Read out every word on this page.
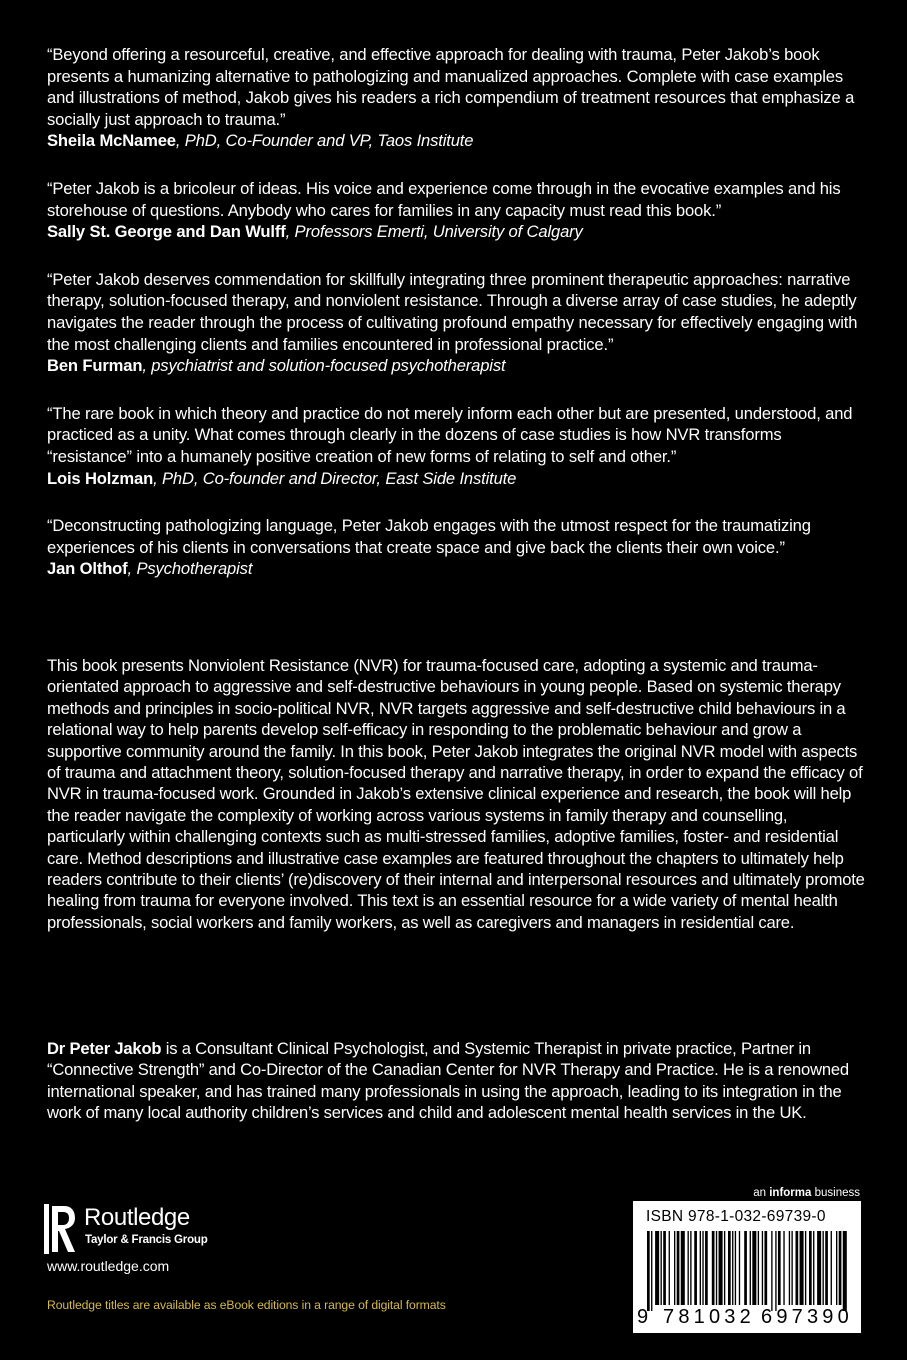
“Beyond offering a resourceful, creative, and effective approach for dealing with trauma, Peter Jakob’s book presents a humanizing alternative to pathologizing and manualized approaches. Complete with case examples and illustrations of method, Jakob gives his readers a rich compendium of treatment resources that emphasize a socially just approach to trauma.”
Sheila McNamee, PhD, Co-Founder and VP, Taos Institute
“Peter Jakob is a bricoleur of ideas. His voice and experience come through in the evocative examples and his storehouse of questions. Anybody who cares for families in any capacity must read this book.”
Sally St. George and Dan Wulff, Professors Emerti, University of Calgary
“Peter Jakob deserves commendation for skillfully integrating three prominent therapeutic approaches: narrative therapy, solution-focused therapy, and nonviolent resistance. Through a diverse array of case studies, he adeptly navigates the reader through the process of cultivating profound empathy necessary for effectively engaging with the most challenging clients and families encountered in professional practice.”
Ben Furman, psychiatrist and solution-focused psychotherapist
“The rare book in which theory and practice do not merely inform each other but are presented, understood, and practiced as a unity. What comes through clearly in the dozens of case studies is how NVR transforms “resistance” into a humanely positive creation of new forms of relating to self and other.”
Lois Holzman, PhD, Co-founder and Director, East Side Institute
“Deconstructing pathologizing language, Peter Jakob engages with the utmost respect for the traumatizing experiences of his clients in conversations that create space and give back the clients their own voice.”
Jan Olthof, Psychotherapist
This book presents Nonviolent Resistance (NVR) for trauma-focused care, adopting a systemic and trauma-orientated approach to aggressive and self-destructive behaviours in young people. Based on systemic therapy methods and principles in socio-political NVR, NVR targets aggressive and self-destructive child behaviours in a relational way to help parents develop self-efficacy in responding to the problematic behaviour and grow a supportive community around the family. In this book, Peter Jakob integrates the original NVR model with aspects of trauma and attachment theory, solution-focused therapy and narrative therapy, in order to expand the efficacy of NVR in trauma-focused work. Grounded in Jakob’s extensive clinical experience and research, the book will help the reader navigate the complexity of working across various systems in family therapy and counselling, particularly within challenging contexts such as multi-stressed families, adoptive families, foster- and residential care. Method descriptions and illustrative case examples are featured throughout the chapters to ultimately help readers contribute to their clients’ (re)discovery of their internal and interpersonal resources and ultimately promote healing from trauma for everyone involved. This text is an essential resource for a wide variety of mental health professionals, social workers and family workers, as well as caregivers and managers in residential care.
Dr Peter Jakob is a Consultant Clinical Psychologist, and Systemic Therapist in private practice, Partner in “Connective Strength” and Co-Director of the Canadian Center for NVR Therapy and Practice. He is a renowned international speaker, and has trained many professionals in using the approach, leading to its integration in the work of many local authority children’s services and child and adolescent mental health services in the UK.
Routledge
Taylor & Francis Group
www.routledge.com
Routledge titles are available as eBook editions in a range of digital formats
an informa business
ISBN 978-1-032-69739-0
9 781032 697390
